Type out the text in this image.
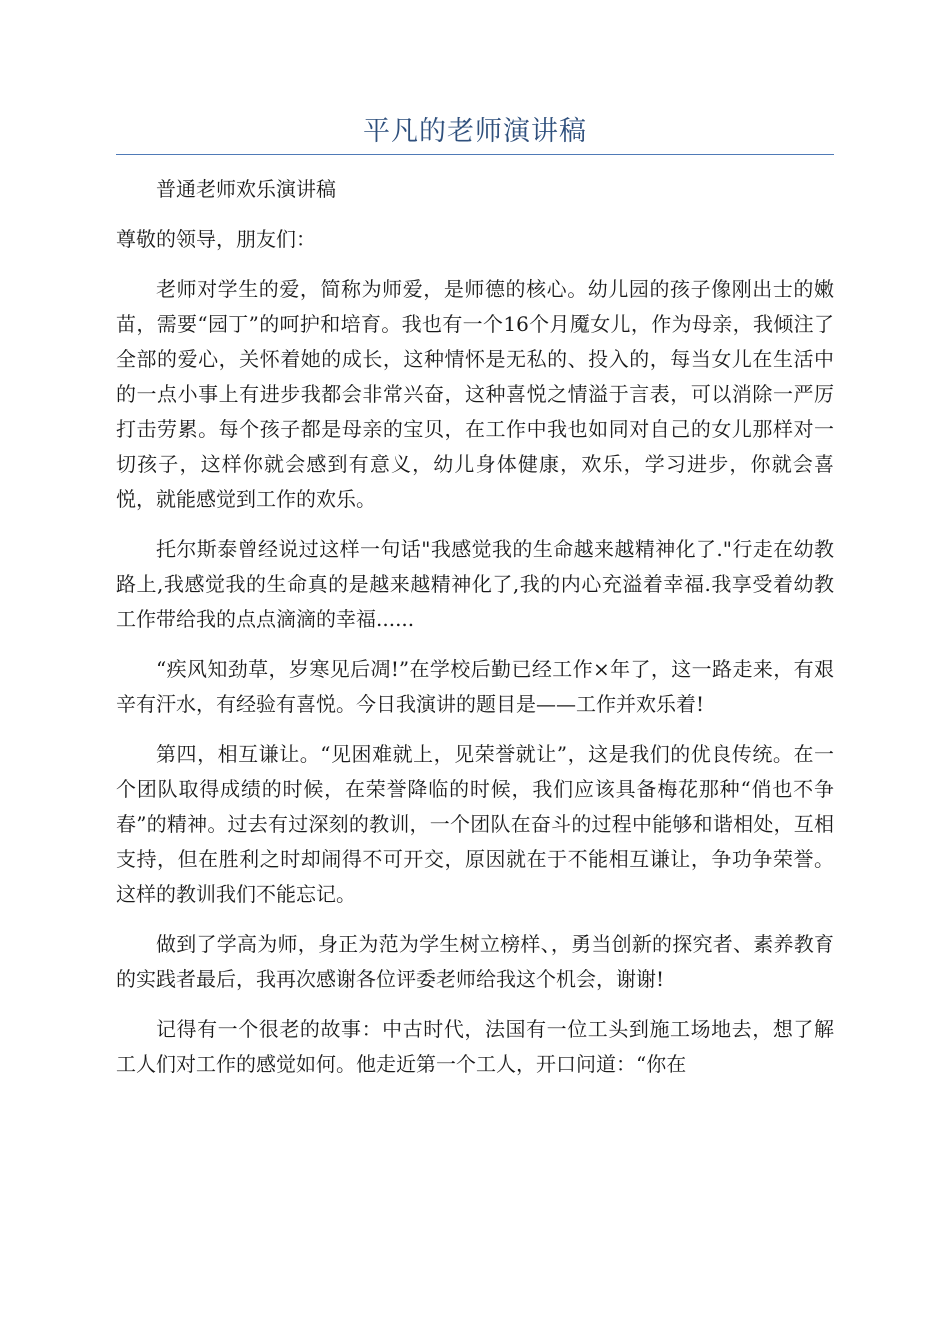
平凡的老师演讲稿

普通老师欢乐演讲稿

尊敬的领导，朋友们：

老师对学生的爱，简称为师爱，是师德的核心。幼儿园的孩子像刚出士的嫩苗，需要“园丁”的呵护和培育。我也有一个16个月魇女儿，作为母亲，我倾注了全部的爱心，关怀着她的成长，这种情怀是无私的、投入的，每当女儿在生活中的一点小事上有进步我都会非常兴奋，这种喜悦之情溢于言表，可以消除一严厉打击劳累。每个孩子都是母亲的宝贝，在工作中我也如同对自己的女儿那样对一切孩子，这样你就会感到有意义，幼儿身体健康，欢乐，学习进步，你就会喜悦，就能感觉到工作的欢乐。

托尔斯泰曾经说过这样一句话"我感觉我的生命越来越精神化了."行走在幼教路上,我感觉我的生命真的是越来越精神化了,我的内心充溢着幸福.我享受着幼教工作带给我的点点滴滴的幸福......

“疾风知劲草，岁寒见后凋!”在学校后勤已经工作×年了，这一路走来，有艰辛有汗水，有经验有喜悦。今日我演讲的题目是——工作并欢乐着!

第四，相互谦让。“见困难就上，见荣誉就让”，这是我们的优良传统。在一个团队取得成绩的时候，在荣誉降临的时候，我们应该具备梅花那种“俏也不争春”的精神。过去有过深刻的教训，一个团队在奋斗的过程中能够和谐相处，互相支持，但在胜利之时却闹得不可开交，原因就在于不能相互谦让，争功争荣誉。这样的教训我们不能忘记。

做到了学高为师，身正为范为学生树立榜样、，勇当创新的探究者、素养教育的实践者最后，我再次感谢各位评委老师给我这个机会，谢谢!

记得有一个很老的故事：中古时代，法国有一位工头到施工场地去，想了解工人们对工作的感觉如何。他走近第一个工人，开口问道：“你在
